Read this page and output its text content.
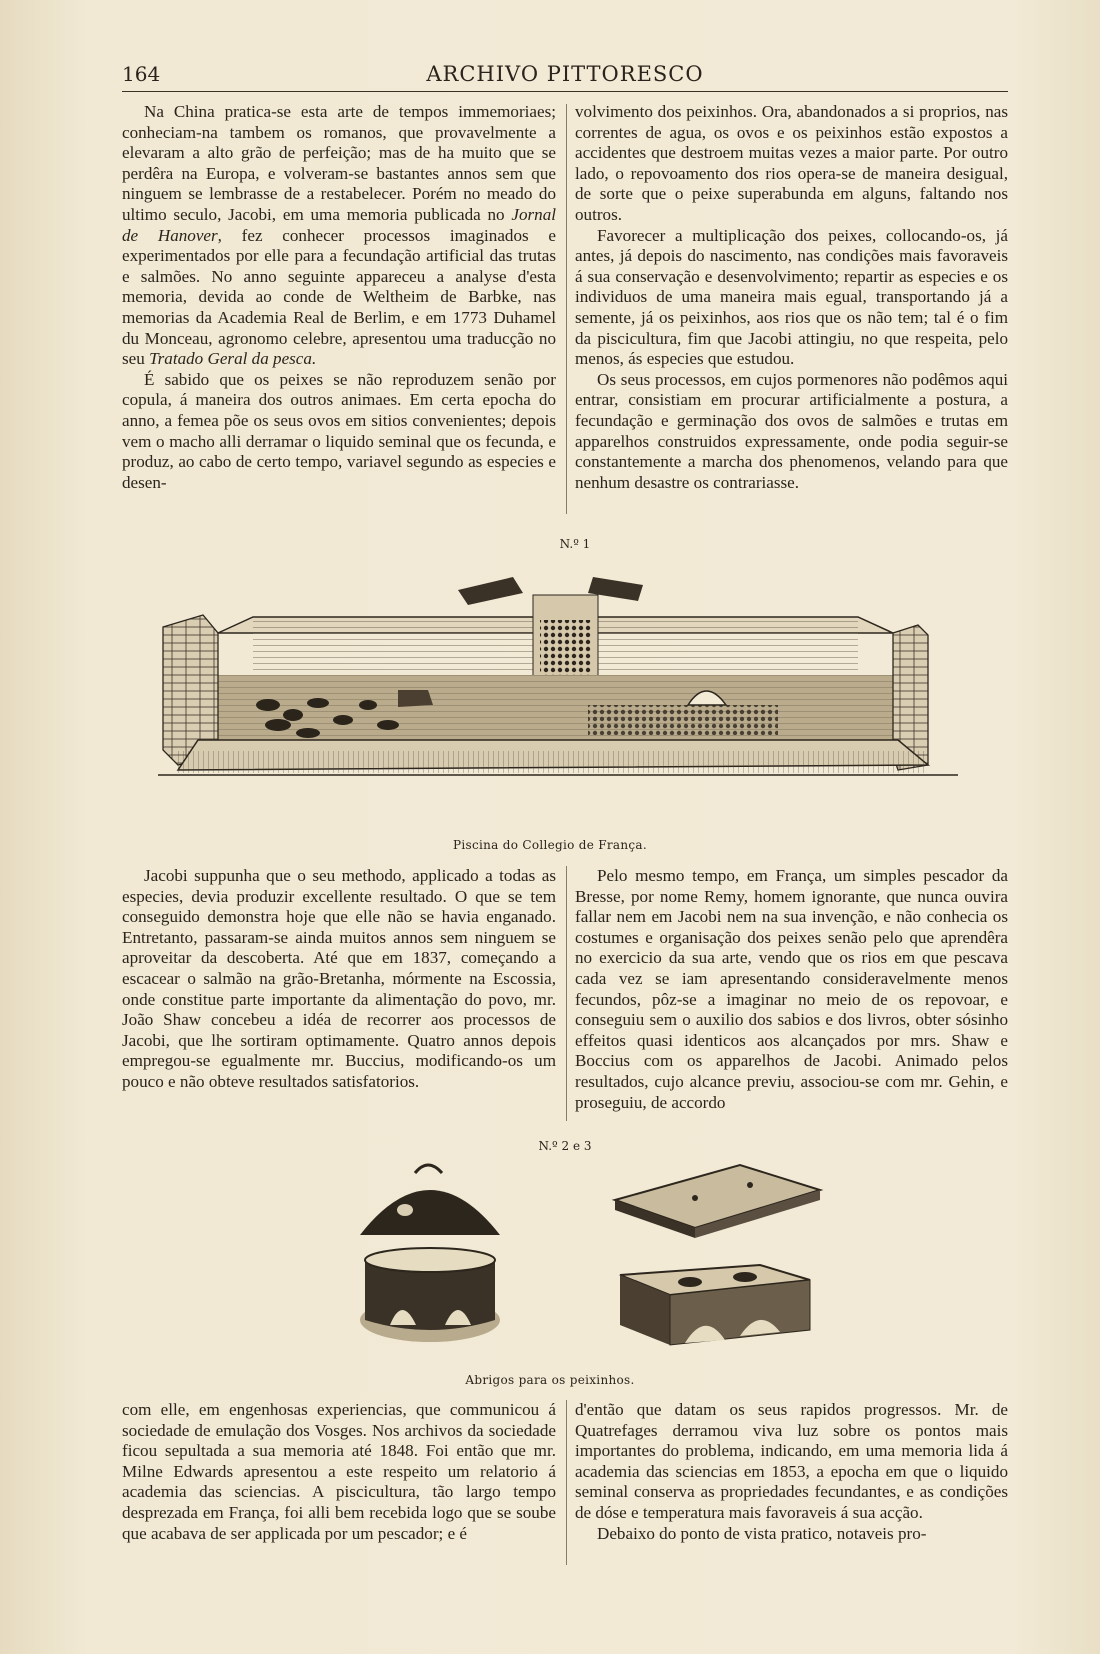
164	ARCHIVO PITTORESCO

Na China pratica-se esta arte de tempos immemoriaes; conheciam-na tambem os romanos, que provavelmente a elevaram a alto grão de perfeição; mas de ha muito que se perdêra na Europa, e volveram-se bastantes annos sem que ninguem se lembrasse de a restabelecer. Porém no meado do ultimo seculo, Jacobi, em uma memoria publicada no Jornal de Hanover, fez conhecer processos imaginados e experimentados por elle para a fecundação artificial das trutas e salmões. No anno seguinte appareceu a analyse d'esta memoria, devida ao conde de Weltheim de Barbke, nas memorias da Academia Real de Berlim, e em 1773 Duhamel du Monceau, agronomo celebre, apresentou uma traducção no seu Tratado Geral da pesca.

É sabido que os peixes se não reproduzem senão por copula, á maneira dos outros animaes. Em certa epocha do anno, a femea põe os seus ovos em sitios convenientes; depois vem o macho alli derramar o liquido seminal que os fecunda, e produz, ao cabo de certo tempo, variavel segundo as especies e desen-

volvimento dos peixinhos. Ora, abandonados a si proprios, nas correntes de agua, os ovos e os peixinhos estão expostos a accidentes que destroem muitas vezes a maior parte. Por outro lado, o repovoamento dos rios opera-se de maneira desigual, de sorte que o peixe superabunda em alguns, faltando nos outros.

Favorecer a multiplicação dos peixes, collocando-os, já antes, já depois do nascimento, nas condições mais favoraveis á sua conservação e desenvolvimento; repartir as especies e os individuos de uma maneira mais egual, transportando já a semente, já os peixinhos, aos rios que os não tem; tal é o fim da piscicultura, fim que Jacobi attingiu, no que respeita, pelo menos, ás especies que estudou.

Os seus processos, em cujos pormenores não podêmos aqui entrar, consistiam em procurar artificialmente a postura, a fecundação e germinação dos ovos de salmões e trutas em apparelhos construidos expressamente, onde podia seguir-se constantemente a marcha dos phenomenos, velando para que nenhum desastre os contrariasse.

N.º 1
Piscina do Collegio de França.

Jacobi suppunha que o seu methodo, applicado a todas as especies, devia produzir excellente resultado. O que se tem conseguido demonstra hoje que elle não se havia enganado. Entretanto, passaram-se ainda muitos annos sem ninguem se aproveitar da descoberta. Até que em 1837, começando a escacear o salmão na grão-Bretanha, mórmente na Escossia, onde constitue parte importante da alimentação do povo, mr. João Shaw concebeu a idéa de recorrer aos processos de Jacobi, que lhe sortiram optimamente. Quatro annos depois empregou-se egualmente mr. Buccius, modificando-os um pouco e não obteve resultados satisfatorios.

Pelo mesmo tempo, em França, um simples pescador da Bresse, por nome Remy, homem ignorante, que nunca ouvira fallar nem em Jacobi nem na sua invenção, e não conhecia os costumes e organisação dos peixes senão pelo que aprendêra no exercicio da sua arte, vendo que os rios em que pescava cada vez se iam apresentando consideravelmente menos fecundos, pôz-se a imaginar no meio de os repovoar, e conseguiu sem o auxilio dos sabios e dos livros, obter sósinho effeitos quasi identicos aos alcançados por mrs. Shaw e Boccius com os apparelhos de Jacobi. Animado pelos resultados, cujo alcance previu, associou-se com mr. Gehin, e proseguiu, de accordo

N.º 2 e 3
Abrigos para os peixinhos.

com elle, em engenhosas experiencias, que communicou á sociedade de emulação dos Vosges. Nos archivos da sociedade ficou sepultada a sua memoria até 1848. Foi então que mr. Milne Edwards apresentou a este respeito um relatorio á academia das sciencias. A piscicultura, tão largo tempo desprezada em França, foi alli bem recebida logo que se soube que acabava de ser applicada por um pescador; e é

d'então que datam os seus rapidos progressos. Mr. de Quatrefages derramou viva luz sobre os pontos mais importantes do problema, indicando, em uma memoria lida á academia das sciencias em 1853, a epocha em que o liquido seminal conserva as propriedades fecundantes, e as condições de dóse e temperatura mais favoraveis á sua acção.

Debaixo do ponto de vista pratico, notaveis pro-
